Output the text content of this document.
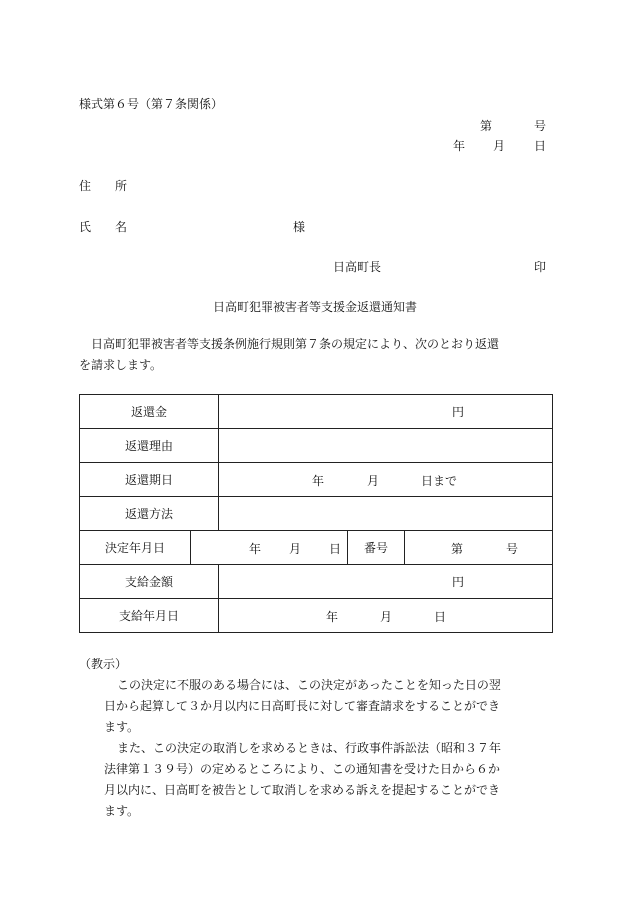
様式第６号（第７条関係）
第	号
年 月 日
住　　所
氏　　名	様
日高町長	印
日高町犯罪被害者等支援金返還通知書
　日高町犯罪被害者等支援条例施行規則第７条の規定により、次のとおり返還
を請求します。
返還金		円		
返還理由				
返還期日		年 月 日まで		

返還方法				
決定年月日	年 月 日		番号	第 号

支給金額		円		
支給年月日		年 月 日		
（教示）
この決定に不服のある場合には、この決定があったことを知った日の翌
日から起算して３か月以内に日高町長に対して審査請求をすることができ
ます。
また、この決定の取消しを求めるときは、行政事件訴訟法（昭和３７年
法律第１３９号）の定めるところにより、この通知書を受けた日から６か
月以内に、日高町を被告として取消しを求める訴えを提起することができ
ます。
